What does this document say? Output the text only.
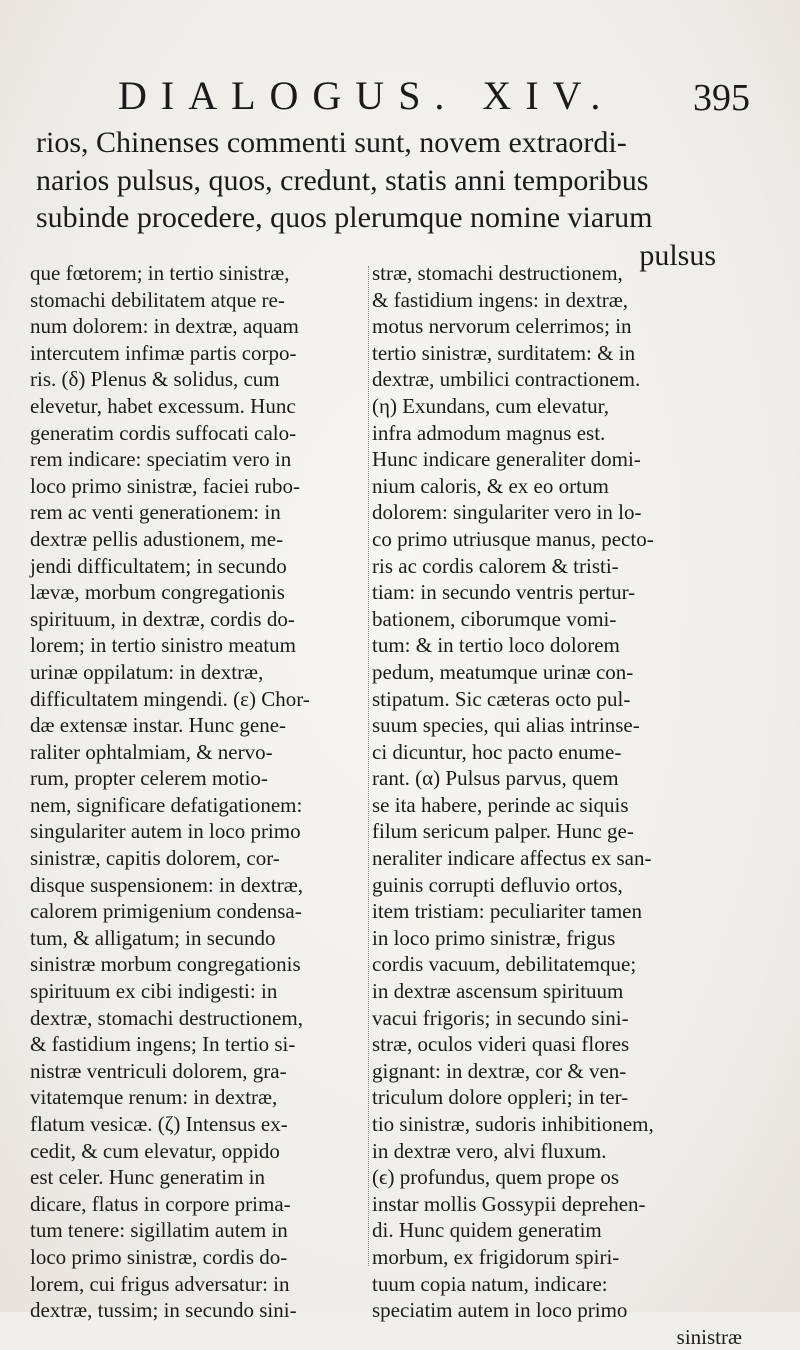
DIALOGUS. XIV. 395
rios, Chinenses commenti sunt, novem extraordi-
narios pulsus, quos, credunt, statis anni temporibus
subinde procedere, quos plerumque nomine viarum
pulsus
que fœtorem; in tertio sinistræ,
stomachi debilitatem atque re-
num dolorem: in dextræ, aquam
intercutem infimæ partis corpo-
ris. (δ) Plenus & solidus, cum
elevetur, habet excessum. Hunc
generatim cordis suffocati calo-
rem indicare: speciatim vero in
loco primo sinistræ, faciei rubo-
rem ac venti generationem: in
dextræ pellis adustionem, me-
jendi difficultatem; in secundo
lævæ, morbum congregationis
spirituum, in dextræ, cordis do-
lorem; in tertio sinistro meatum
urinæ oppilatum: in dextræ,
difficultatem mingendi. (ε) Chor-
dæ extensæ instar. Hunc gene-
raliter ophtalmiam, & nervo-
rum, propter celerem motio-
nem, significare defatigationem:
singulariter autem in loco primo
sinistræ, capitis dolorem, cor-
disque suspensionem: in dextræ,
calorem primigenium condensa-
tum, & alligatum; in secundo
sinistræ morbum congregationis
spirituum ex cibi indigesti: in
dextræ, stomachi destructionem,
& fastidium ingens; In tertio si-
nistræ ventriculi dolorem, gra-
vitatemque renum: in dextræ,
flatum vesicæ. (ζ) Intensus ex-
cedit, & cum elevatur, oppido
est celer. Hunc generatim in
dicare, flatus in corpore prima-
tum tenere: sigillatim autem in
loco primo sinistræ, cordis do-
lorem, cui frigus adversatur: in
dextræ, tussim; in secundo sini-
stræ, stomachi destructionem,
& fastidium ingens: in dextræ,
motus nervorum celerrimos; in
tertio sinistræ, surditatem: & in
dextræ, umbilici contractionem.
(η) Exundans, cum elevatur,
infra admodum magnus est.
Hunc indicare generaliter domi-
nium caloris, & ex eo ortum
dolorem: singulariter vero in lo-
co primo utriusque manus, pecto-
ris ac cordis calorem & tristi-
tiam: in secundo ventris pertur-
bationem, ciborumque vomi-
tum: & in tertio loco dolorem
pedum, meatumque urinæ con-
stipatum. Sic cæteras octo pul-
suum species, qui alias intrinse-
ci dicuntur, hoc pacto enume-
rant. (α) Pulsus parvus, quem
se ita habere, perinde ac siquis
filum sericum palper. Hunc ge-
neraliter indicare affectus ex san-
guinis corrupti defluvio ortos,
item tristiam: peculiariter tamen
in loco primo sinistræ, frigus
cordis vacuum, debilitatemque;
in dextræ ascensum spirituum
vacui frigoris; in secundo sini-
stræ, oculos videri quasi flores
gignant: in dextræ, cor & ven-
triculum dolore oppleri; in ter-
tio sinistræ, sudoris inhibitionem,
in dextræ vero, alvi fluxum.
(ϵ) profundus, quem prope os
instar mollis Gossypii deprehen-
di. Hunc quidem generatim
morbum, ex frigidorum spiri-
tuum copia natum, indicare:
speciatim autem in loco primo
sinistræ
